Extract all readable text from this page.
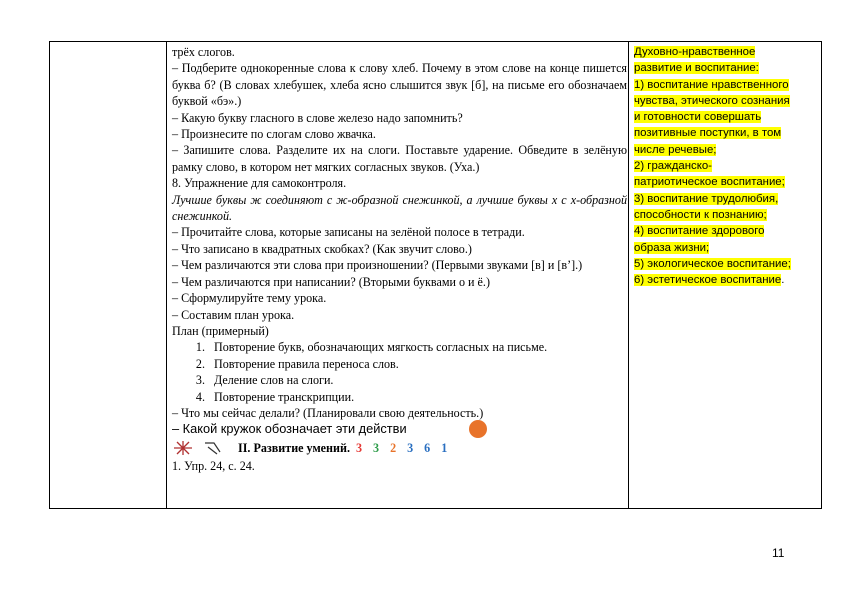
трёх слогов.

– Подберите однокоренные слова к слову хлеб. Почему в этом слове на конце пишется буква б? (В словах хлебушек, хлеба ясно слышится звук [б], на письме его обозначаем буквой «бэ».)

– Какую букву гласного в слове железо надо запомнить?

– Произнесите по слогам слово жвачка.

– Запишите слова. Разделите их на слоги. Поставьте ударение. Обведите в зелёную рамку слово, в котором нет мягких согласных звуков. (Уха.)

8. Упражнение для самоконтроля.

Лучшие буквы ж соединяют с ж-образной снежинкой, а лучшие буквы х с х-образной снежинкой.

– Прочитайте слова, которые записаны на зелёной полосе в тетради.

– Что записано в квадратных скобках? (Как звучит слово.)

– Чем различаются эти слова при произношении? (Первыми звуками [в] и [в’].)

– Чем различаются при написании? (Вторыми буквами о и ё.)

– Сформулируйте тему урока.

– Составим план урока.

План (примерный)

1. Повторение букв, обозначающих мягкость согласных на письме.
2. Повторение правила переноса слов.
3. Деление слов на слоги.
4. Повторение транскрипции.

– Что мы сейчас делали? (Планировали свою деятельность.)

– Какой кружок обозначает эти действи
II. Развитие умений. 3 3 2 3 6 1

1. Упр. 24, с. 24.

Духовно-нравственное
развитие и воспитание:
1) воспитание нравственного
чувства, этического сознания
и готовности совершать
позитивные поступки, в том
числе речевые;
2) гражданско-
патриотическое воспитание;
3) воспитание трудолюбия,
способности к познанию;
4) воспитание здорового
образа жизни;
5) экологическое воспитание;
6) эстетическое воспитание.
11
